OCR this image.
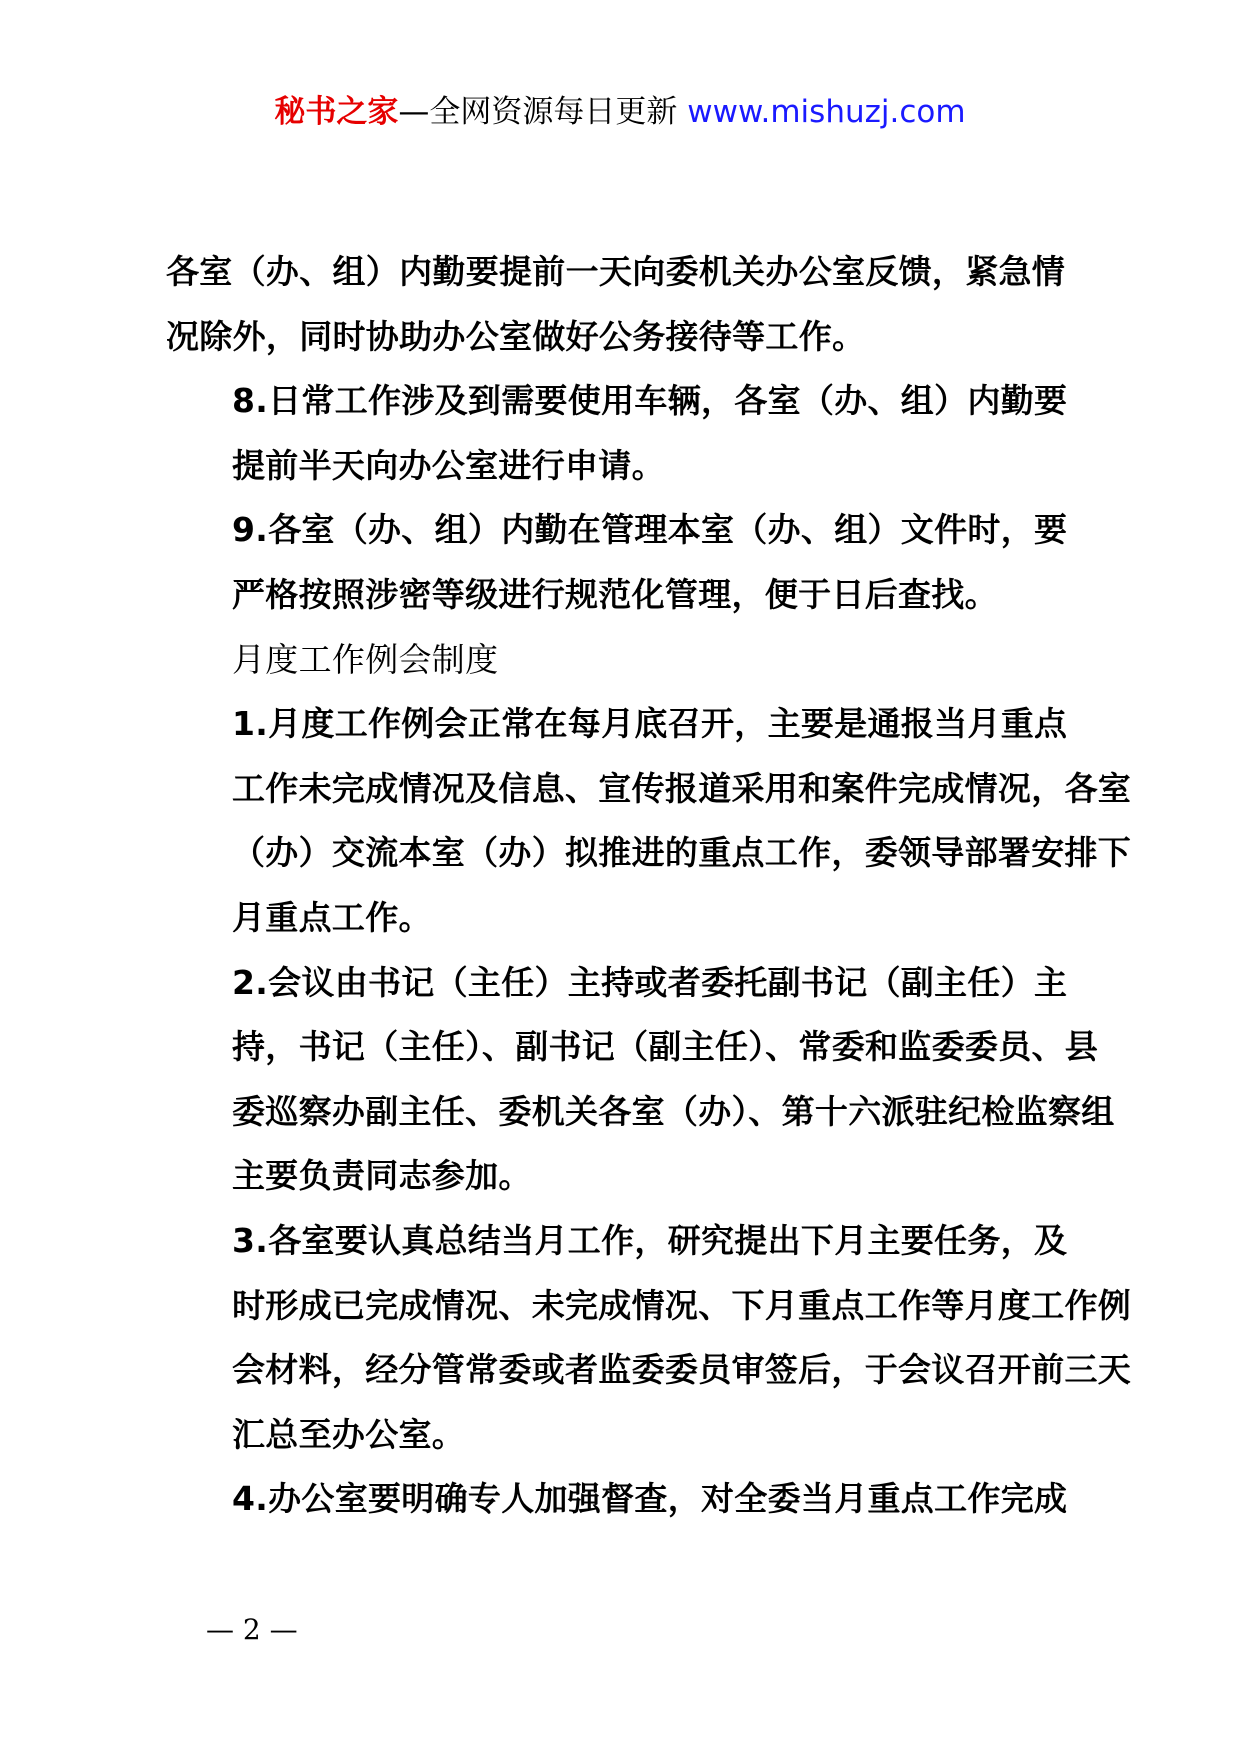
秘书之家—全网资源每日更新 www.mishuzj.com

各室（办、组）内勤要提前一天向委机关办公室反馈，紧急情
况除外，同时协助办公室做好公务接待等工作。

8.日常工作涉及到需要使用车辆，各室（办、组）内勤要
提前半天向办公室进行申请。

9.各室（办、组）内勤在管理本室（办、组）文件时，要
严格按照涉密等级进行规范化管理，便于日后查找。

月度工作例会制度

1.月度工作例会正常在每月底召开，主要是通报当月重点
工作未完成情况及信息、宣传报道采用和案件完成情况，各室
（办）交流本室（办）拟推进的重点工作，委领导部署安排下
月重点工作。

2.会议由书记（主任）主持或者委托副书记（副主任）主
持，书记（主任）、副书记（副主任）、常委和监委委员、县
委巡察办副主任、委机关各室（办）、第十六派驻纪检监察组
主要负责同志参加。

3.各室要认真总结当月工作，研究提出下月主要任务，及
时形成已完成情况、未完成情况、下月重点工作等月度工作例
会材料，经分管常委或者监委委员审签后，于会议召开前三天
汇总至办公室。

4.办公室要明确专人加强督查，对全委当月重点工作完成

— 2 —
